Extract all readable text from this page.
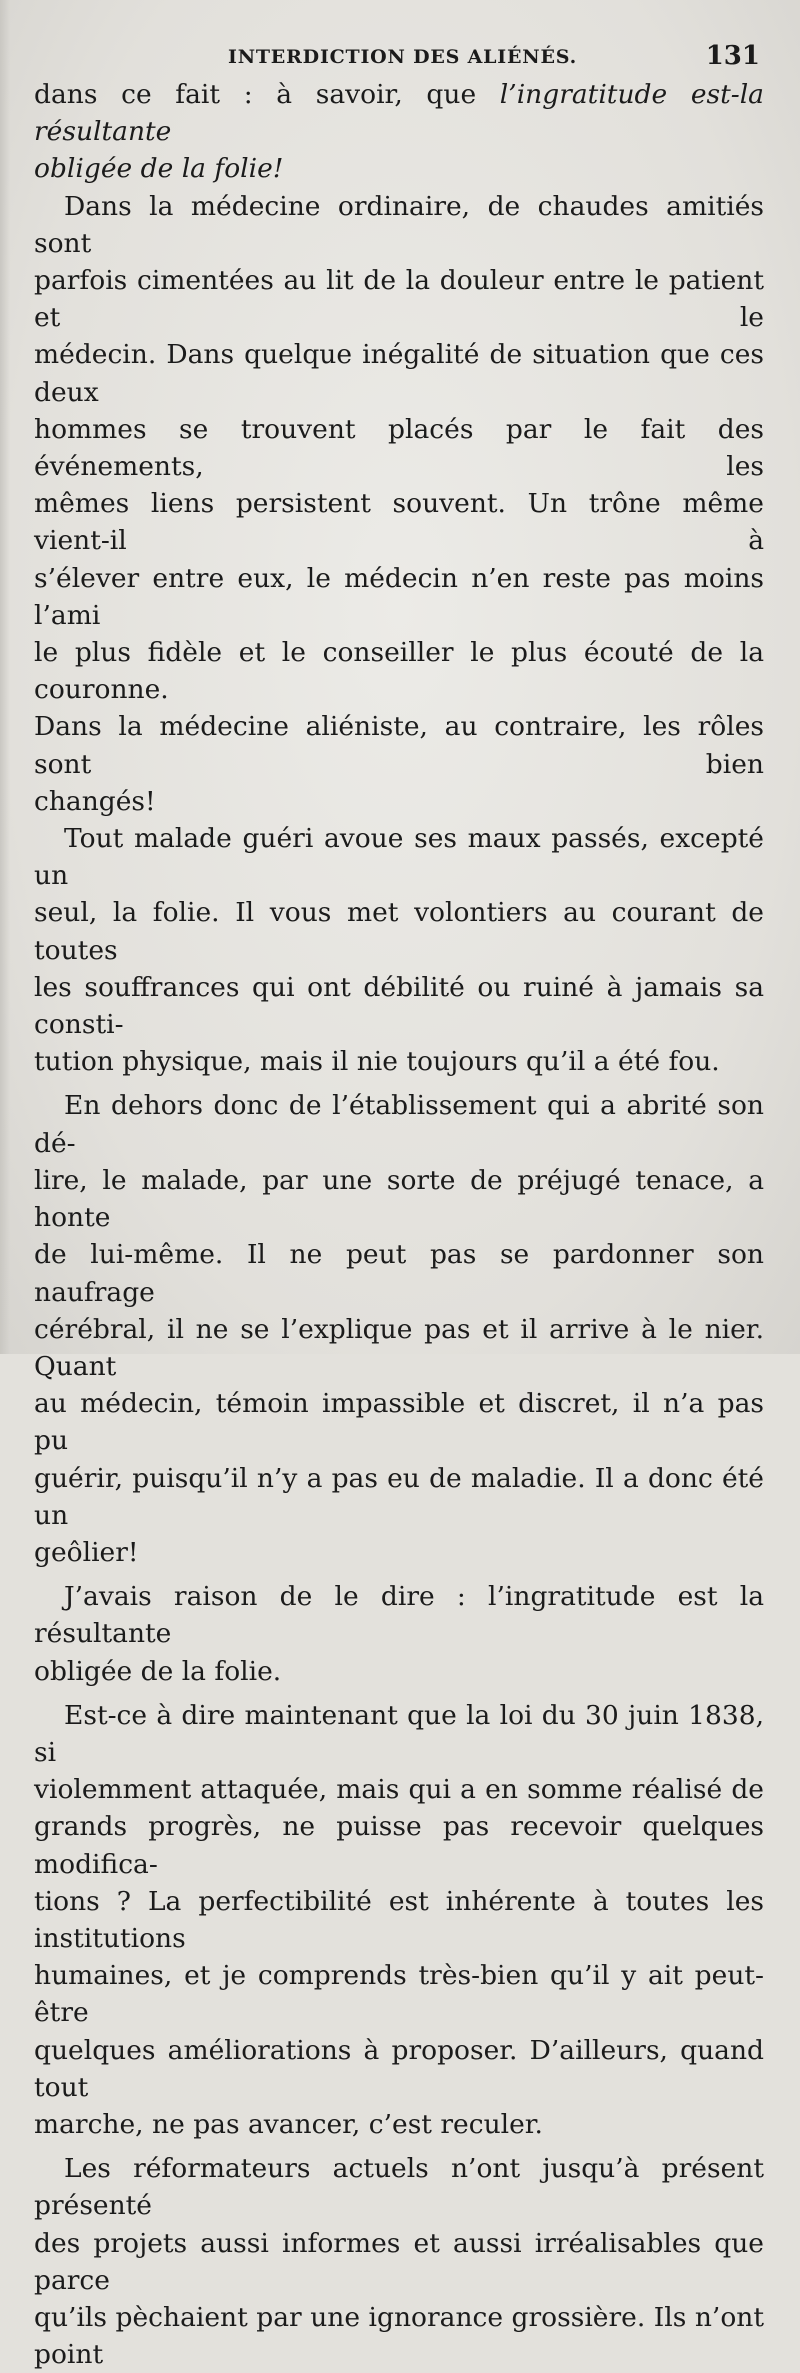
INTERDICTION DES ALIÉNÉS.	131

dans ce fait : à savoir, que l’ingratitude est-la résultante

obligée de la folie!

Dans la médecine ordinaire, de chaudes amitiés sont

parfois cimentées au lit de la douleur entre le patient et le

médecin. Dans quelque inégalité de situation que ces deux

hommes se trouvent placés par le fait des événements, les

mêmes liens persistent souvent. Un trône même vient-il à

s’élever entre eux, le médecin n’en reste pas moins l’ami

le plus fidèle et le conseiller le plus écouté de la couronne.

Dans la médecine aliéniste, au contraire, les rôles sont bien

changés!

Tout malade guéri avoue ses maux passés, excepté un

seul, la folie. Il vous met volontiers au courant de toutes

les souffrances qui ont débilité ou ruiné à jamais sa consti-

tution physique, mais il nie toujours qu’il a été fou.

En dehors donc de l’établissement qui a abrité son dé-

lire, le malade, par une sorte de préjugé tenace, a honte

de lui-même. Il ne peut pas se pardonner son naufrage

cérébral, il ne se l’explique pas et il arrive à le nier. Quant

au médecin, témoin impassible et discret, il n’a pas pu

guérir, puisqu’il n’y a pas eu de maladie. Il a donc été un

geôlier!

J’avais raison de le dire : l’ingratitude est la résultante

obligée de la folie.

Est-ce à dire maintenant que la loi du 30 juin 1838, si

violemment attaquée, mais qui a en somme réalisé de

grands progrès, ne puisse pas recevoir quelques modifica-

tions ? La perfectibilité est inhérente à toutes les institutions

humaines, et je comprends très-bien qu’il y ait peut-être

quelques améliorations à proposer. D’ailleurs, quand tout

marche, ne pas avancer, c’est reculer.

Les réformateurs actuels n’ont jusqu’à présent présenté

des projets aussi informes et aussi irréalisables que parce

qu’ils pèchaient par une ignorance grossière. Ils n’ont point
